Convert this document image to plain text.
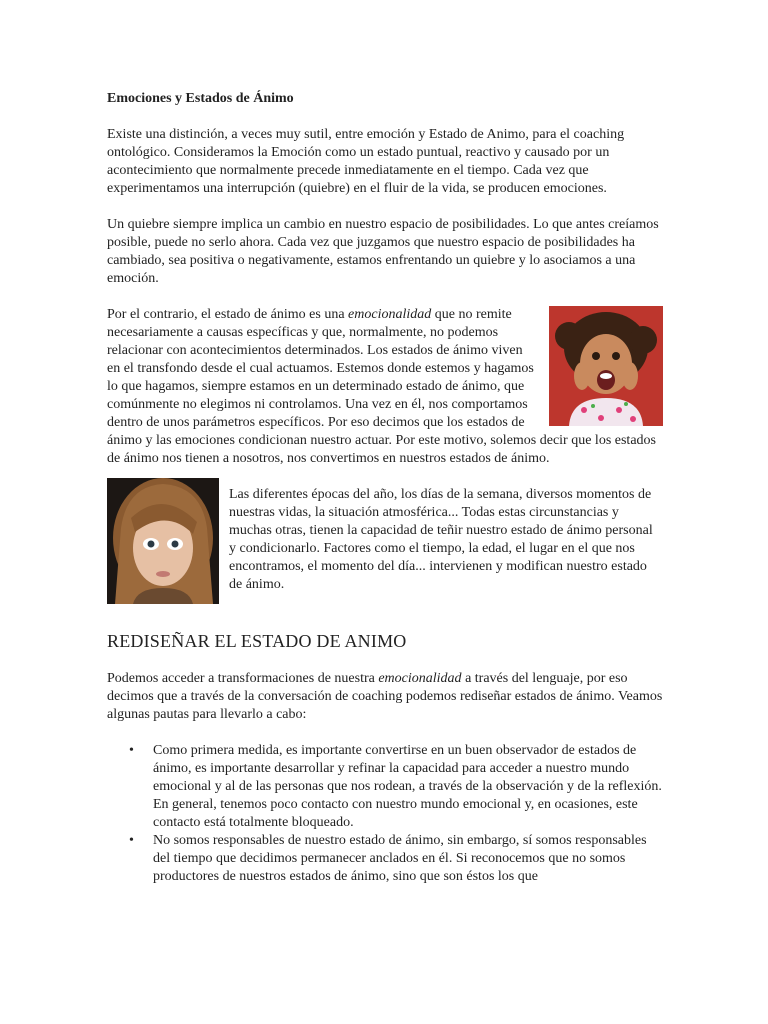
Emociones y Estados de Ánimo

Existe una distinción, a veces muy sutil, entre emoción y Estado de Animo, para el coaching ontológico. Consideramos la Emoción como un estado puntual, reactivo y causado por un acontecimiento que normalmente precede inmediatamente en el tiempo. Cada vez que experimentamos una interrupción (quiebre) en el fluir de la vida, se producen emociones.

Un quiebre siempre implica un cambio en nuestro espacio de posibilidades. Lo que antes creíamos posible, puede no serlo ahora. Cada vez que juzgamos que nuestro espacio de posibilidades ha cambiado, sea positiva o negativamente, estamos enfrentando un quiebre y lo asociamos a una emoción.

Por el contrario, el estado de ánimo es una emocionalidad que no remite necesariamente a causas específicas y que, normalmente, no podemos relacionar con acontecimientos determinados. Los estados de ánimo viven en el transfondo desde el cual actuamos. Estemos donde estemos y hagamos lo que hagamos, siempre estamos en un determinado estado de ánimo, que comúnmente no elegimos ni controlamos. Una vez en él, nos comportamos dentro de unos parámetros específicos. Por eso decimos que los estados de ánimo y las emociones condicionan nuestro actuar. Por este motivo, solemos decir que los estados de ánimo nos tienen a nosotros, nos convertimos en nuestros estados de ánimo.

Las diferentes épocas del año, los días de la semana, diversos momentos de nuestras vidas, la situación atmosférica... Todas estas circunstancias y muchas otras, tienen la capacidad de teñir nuestro estado de ánimo personal y condicionarlo. Factores como el tiempo, la edad, el lugar en el que nos encontramos, el momento del día... intervienen y modifican nuestro estado de ánimo.

REDISEÑAR EL ESTADO DE ANIMO

Podemos acceder a transformaciones de nuestra emocionalidad a través del lenguaje, por eso decimos que a través de la conversación de coaching podemos rediseñar estados de ánimo. Veamos algunas pautas para llevarlo a cabo:

• Como primera medida, es importante convertirse en un buen observador de estados de ánimo, es importante desarrollar y refinar la capacidad para acceder a nuestro mundo emocional y al de las personas que nos rodean, a través de la observación y de la reflexión. En general, tenemos poco contacto con nuestro mundo emocional y, en ocasiones, este contacto está totalmente bloqueado.
• No somos responsables de nuestro estado de ánimo, sin embargo, sí somos responsables del tiempo que decidimos permanecer anclados en él. Si reconocemos que no somos productores de nuestros estados de ánimo, sino que son éstos los que
